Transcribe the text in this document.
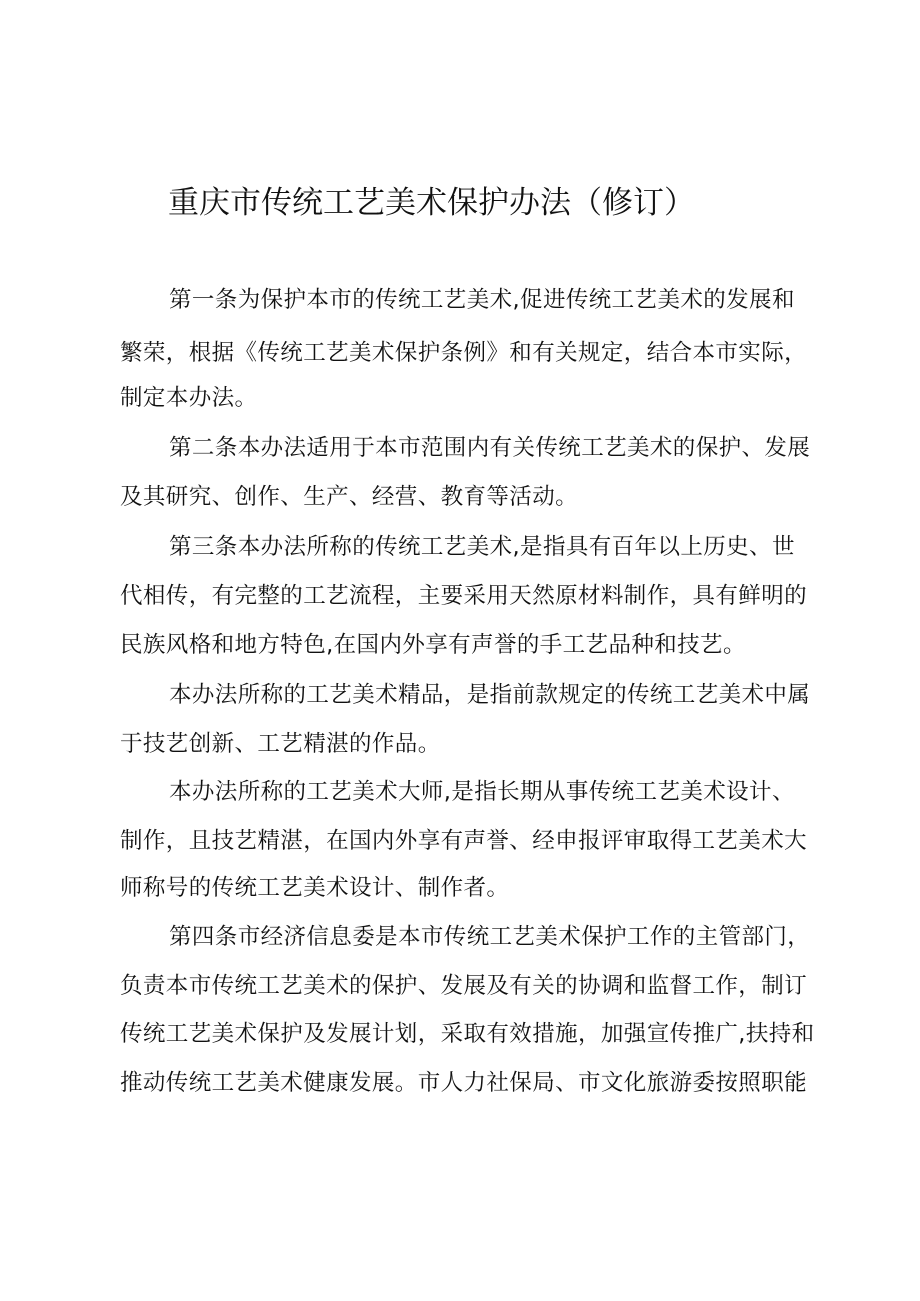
重庆市传统工艺美术保护办法（修订）
第一条为保护本市的传统工艺美术,促进传统工艺美术的发展和
繁荣，根据《传统工艺美术保护条例》和有关规定，结合本市实际，
制定本办法。
第二条本办法适用于本市范围内有关传统工艺美术的保护、发展
及其研究、创作、生产、经营、教育等活动。
第三条本办法所称的传统工艺美术,是指具有百年以上历史、世
代相传，有完整的工艺流程，主要采用天然原材料制作，具有鲜明的
民族风格和地方特色,在国内外享有声誉的手工艺品种和技艺。
本办法所称的工艺美术精品，是指前款规定的传统工艺美术中属
于技艺创新、工艺精湛的作品。
本办法所称的工艺美术大师,是指长期从事传统工艺美术设计、
制作，且技艺精湛，在国内外享有声誉、经申报评审取得工艺美术大
师称号的传统工艺美术设计、制作者。
第四条市经济信息委是本市传统工艺美术保护工作的主管部门，
负责本市传统工艺美术的保护、发展及有关的协调和监督工作，制订
传统工艺美术保护及发展计划，采取有效措施，加强宣传推广,扶持和
推动传统工艺美术健康发展。市人力社保局、市文化旅游委按照职能
